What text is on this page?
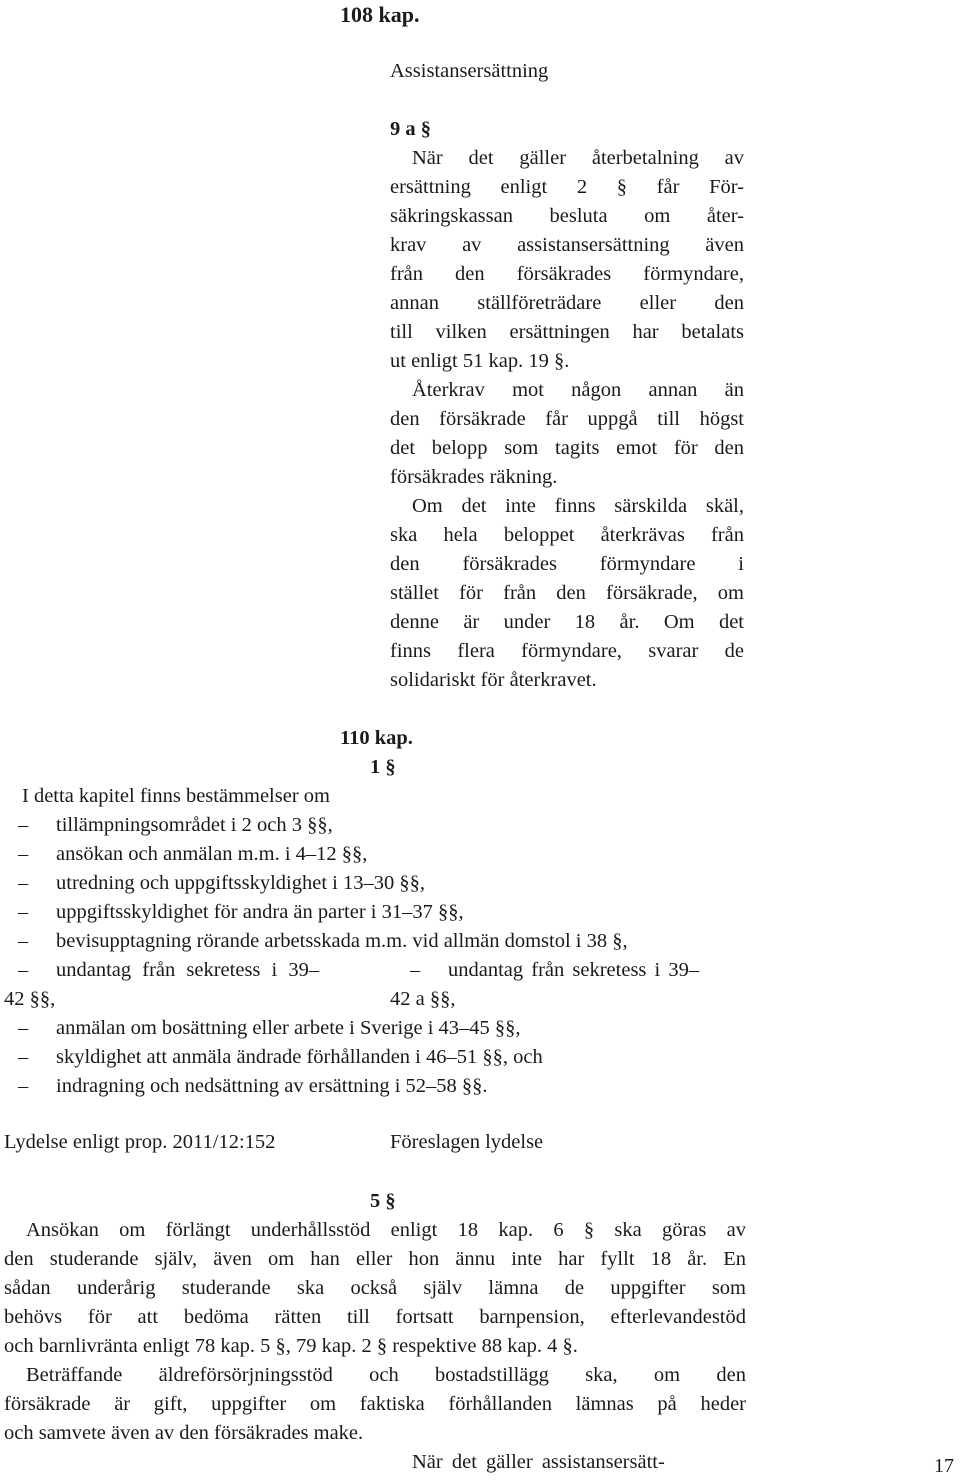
108 kap.
Assistansersättning
9 a §
När det gäller återbetalning av
ersättning enligt 2 § får För-
säkringskassan besluta om åter-
krav av assistansersättning även
från den försäkrades förmyndare,
annan ställföreträdare eller den
till vilken ersättningen har betalats
ut enligt 51 kap. 19 §.
Återkrav mot någon annan än
den försäkrade får uppgå till högst
det belopp som tagits emot för den
försäkrades räkning.
Om det inte finns särskilda skäl,
ska hela beloppet återkrävas från
den försäkrades förmyndare i
stället för från den försäkrade, om
denne är under 18 år. Om det
finns flera förmyndare, svarar de
solidariskt för återkravet.
110 kap.
1 §
I detta kapitel finns bestämmelser om
– tillämpningsområdet i 2 och 3 §§,
– ansökan och anmälan m.m. i 4–12 §§,
– utredning och uppgiftsskyldighet i 13–30 §§,
– uppgiftsskyldighet för andra än parter i 31–37 §§,
– bevisupptagning rörande arbetsskada m.m. vid allmän domstol i 38 §,
– undantag från sekretess i 39–
42 §§,
– undantag från sekretess i 39–
42 a §§,
– anmälan om bosättning eller arbete i Sverige i 43–45 §§,
– skyldighet att anmäla ändrade förhållanden i 46–51 §§, och
– indragning och nedsättning av ersättning i 52–58 §§.
Lydelse enligt prop. 2011/12:152	Föreslagen lydelse
5 §
Ansökan om förlängt underhållsstöd enligt 18 kap. 6 § ska göras av
den studerande själv, även om han eller hon ännu inte har fyllt 18 år. En
sådan underårig studerande ska också själv lämna de uppgifter som
behövs för att bedöma rätten till fortsatt barnpension, efterlevandestöd
och barnlivränta enligt 78 kap. 5 §, 79 kap. 2 § respektive 88 kap. 4 §.
Beträffande äldreförsörjningsstöd och bostadstillägg ska, om den
försäkrade är gift, uppgifter om faktiska förhållanden lämnas på heder
och samvete även av den försäkrades make.
När det gäller assistansersätt-	17
